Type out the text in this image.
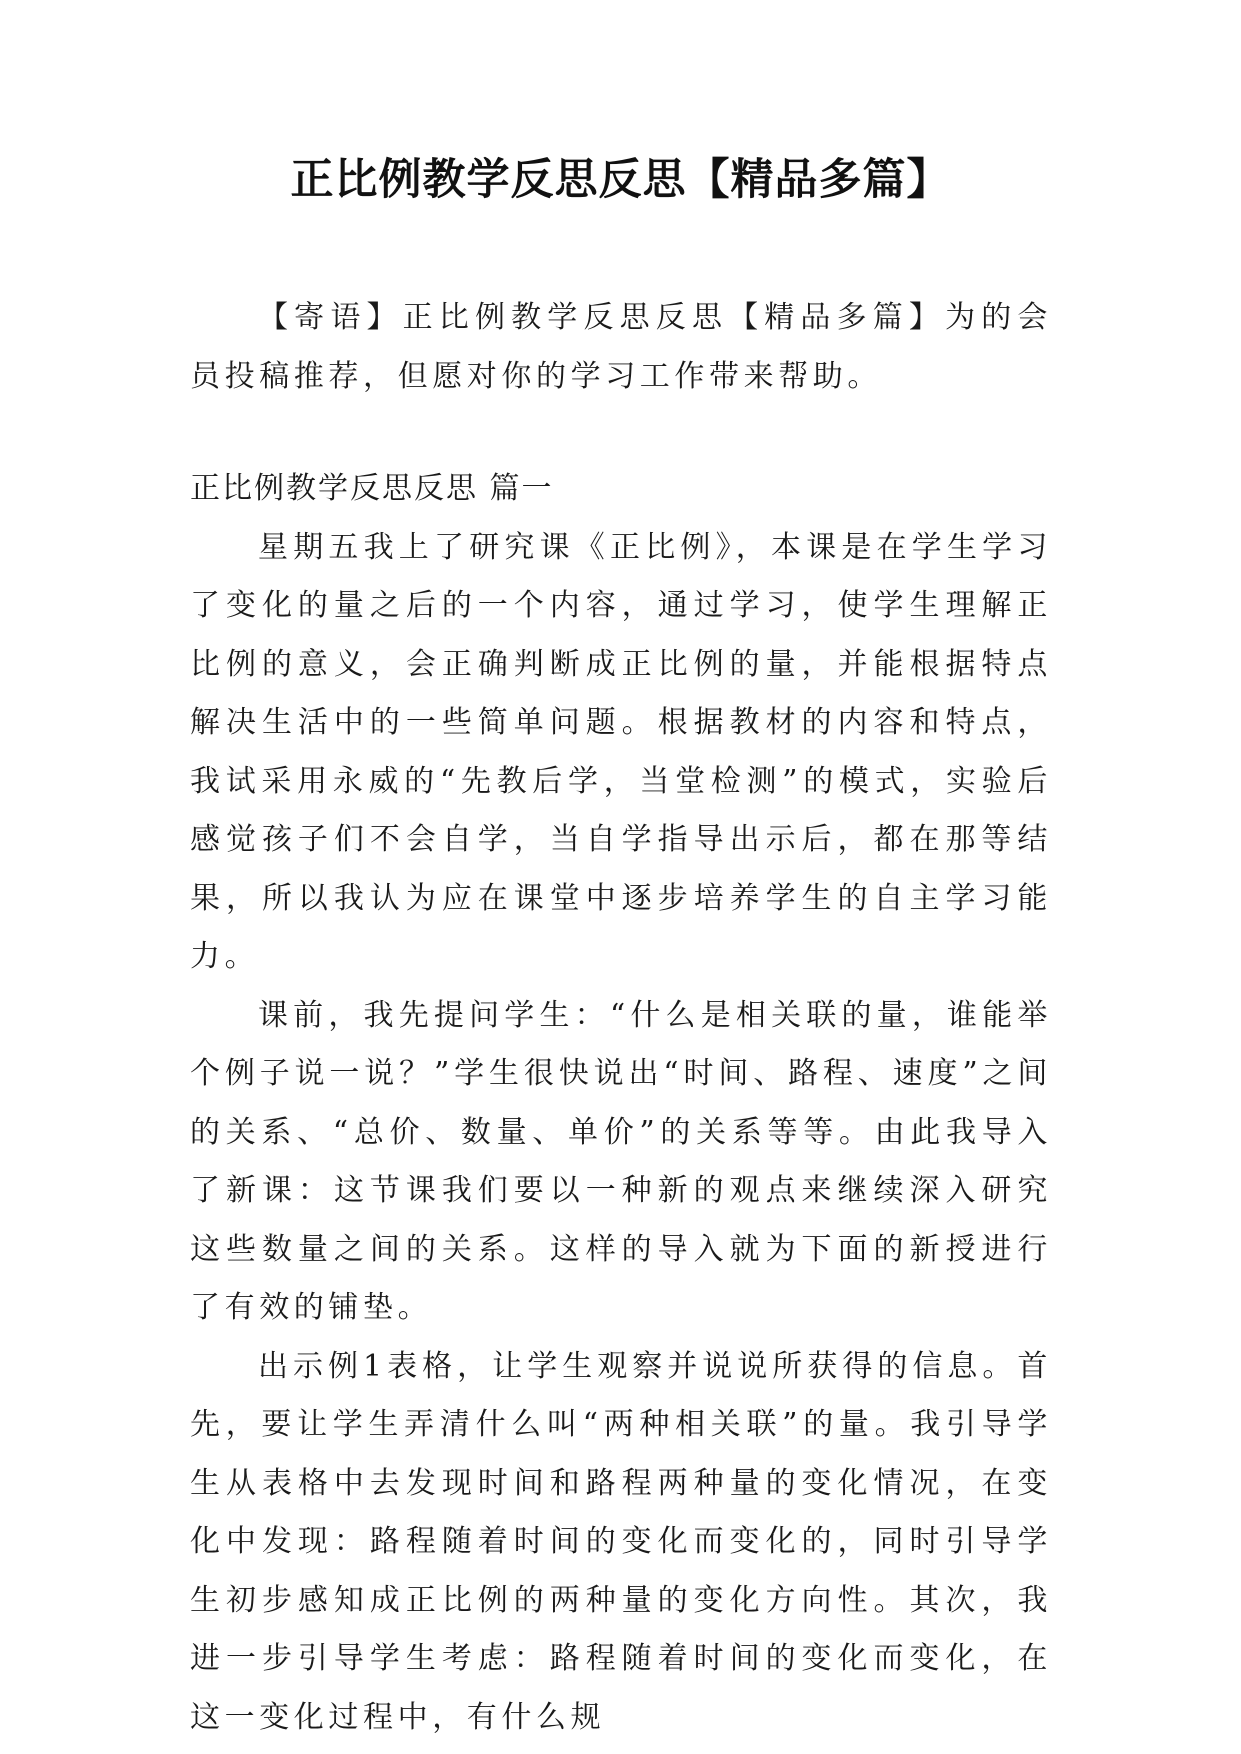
正比例教学反思反思【精品多篇】

【寄语】正比例教学反思反思【精品多篇】为的会员投稿推荐，但愿对你的学习工作带来帮助。

正比例教学反思反思 篇一

星期五我上了研究课《正比例》，本课是在学生学习了变化的量之后的一个内容，通过学习，使学生理解正比例的意义，会正确判断成正比例的量，并能根据特点解决生活中的一些简单问题。根据教材的内容和特点，我试采用永威的“先教后学，当堂检测”的模式，实验后感觉孩子们不会自学，当自学指导出示后，都在那等结果，所以我认为应在课堂中逐步培养学生的自主学习能力。

课前，我先提问学生：“什么是相关联的量，谁能举个例子说一说？”学生很快说出“时间、路程、速度”之间的关系、“总价、数量、单价”的关系等等。由此我导入了新课：这节课我们要以一种新的观点来继续深入研究这些数量之间的关系。这样的导入就为下面的新授进行了有效的铺垫。

出示例1表格，让学生观察并说说所获得的信息。首先，要让学生弄清什么叫“两种相关联”的量。我引导学生从表格中去发现时间和路程两种量的变化情况，在变化中发现：路程随着时间的变化而变化的，同时引导学生初步感知成正比例的两种量的变化方向性。其次，我进一步引导学生考虑：路程随着时间的变化而变化，在这一变化过程中，有什么规
